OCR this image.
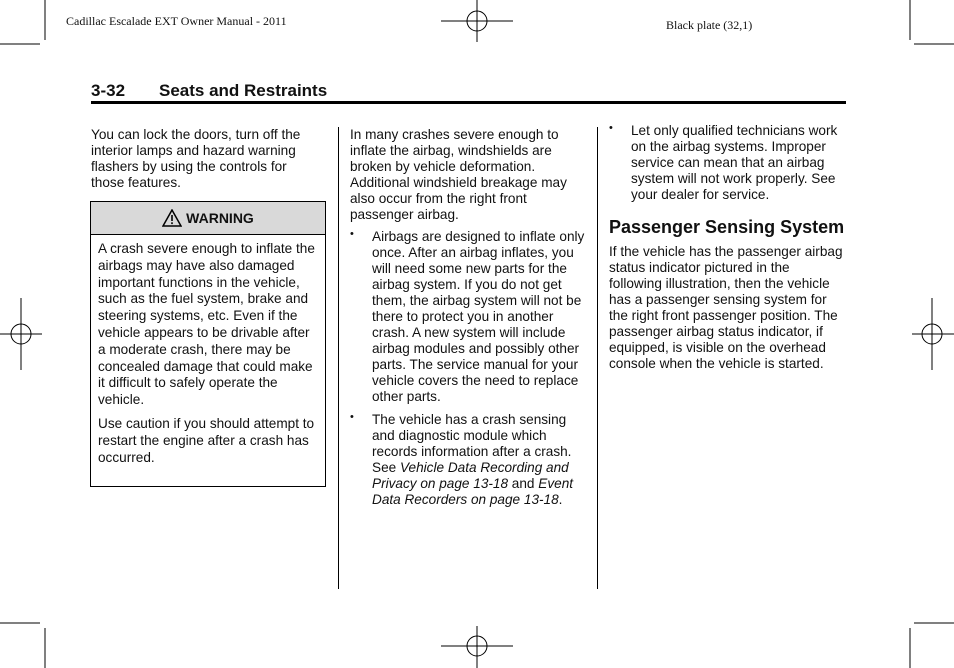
Cadillac Escalade EXT Owner Manual - 2011	Black plate (32,1)
3-32 Seats and Restraints

You can lock the doors, turn off the interior lamps and hazard warning flashers by using the controls for those features.

WARNING

A crash severe enough to inflate the airbags may have also damaged important functions in the vehicle, such as the fuel system, brake and steering systems, etc. Even if the vehicle appears to be drivable after a moderate crash, there may be concealed damage that could make it difficult to safely operate the vehicle.

Use caution if you should attempt to restart the engine after a crash has occurred.

In many crashes severe enough to inflate the airbag, windshields are broken by vehicle deformation. Additional windshield breakage may also occur from the right front passenger airbag.

• Airbags are designed to inflate only once. After an airbag inflates, you will need some new parts for the airbag system. If you do not get them, the airbag system will not be there to protect you in another crash. A new system will include airbag modules and possibly other parts. The service manual for your vehicle covers the need to replace other parts.
• The vehicle has a crash sensing and diagnostic module which records information after a crash. See Vehicle Data Recording and Privacy on page 13-18 and Event Data Recorders on page 13-18.
• Let only qualified technicians work on the airbag systems. Improper service can mean that an airbag system will not work properly. See your dealer for service.
Passenger Sensing System

If the vehicle has the passenger airbag status indicator pictured in the following illustration, then the vehicle has a passenger sensing system for the right front passenger position. The passenger airbag status indicator, if equipped, is visible on the overhead console when the vehicle is started.
